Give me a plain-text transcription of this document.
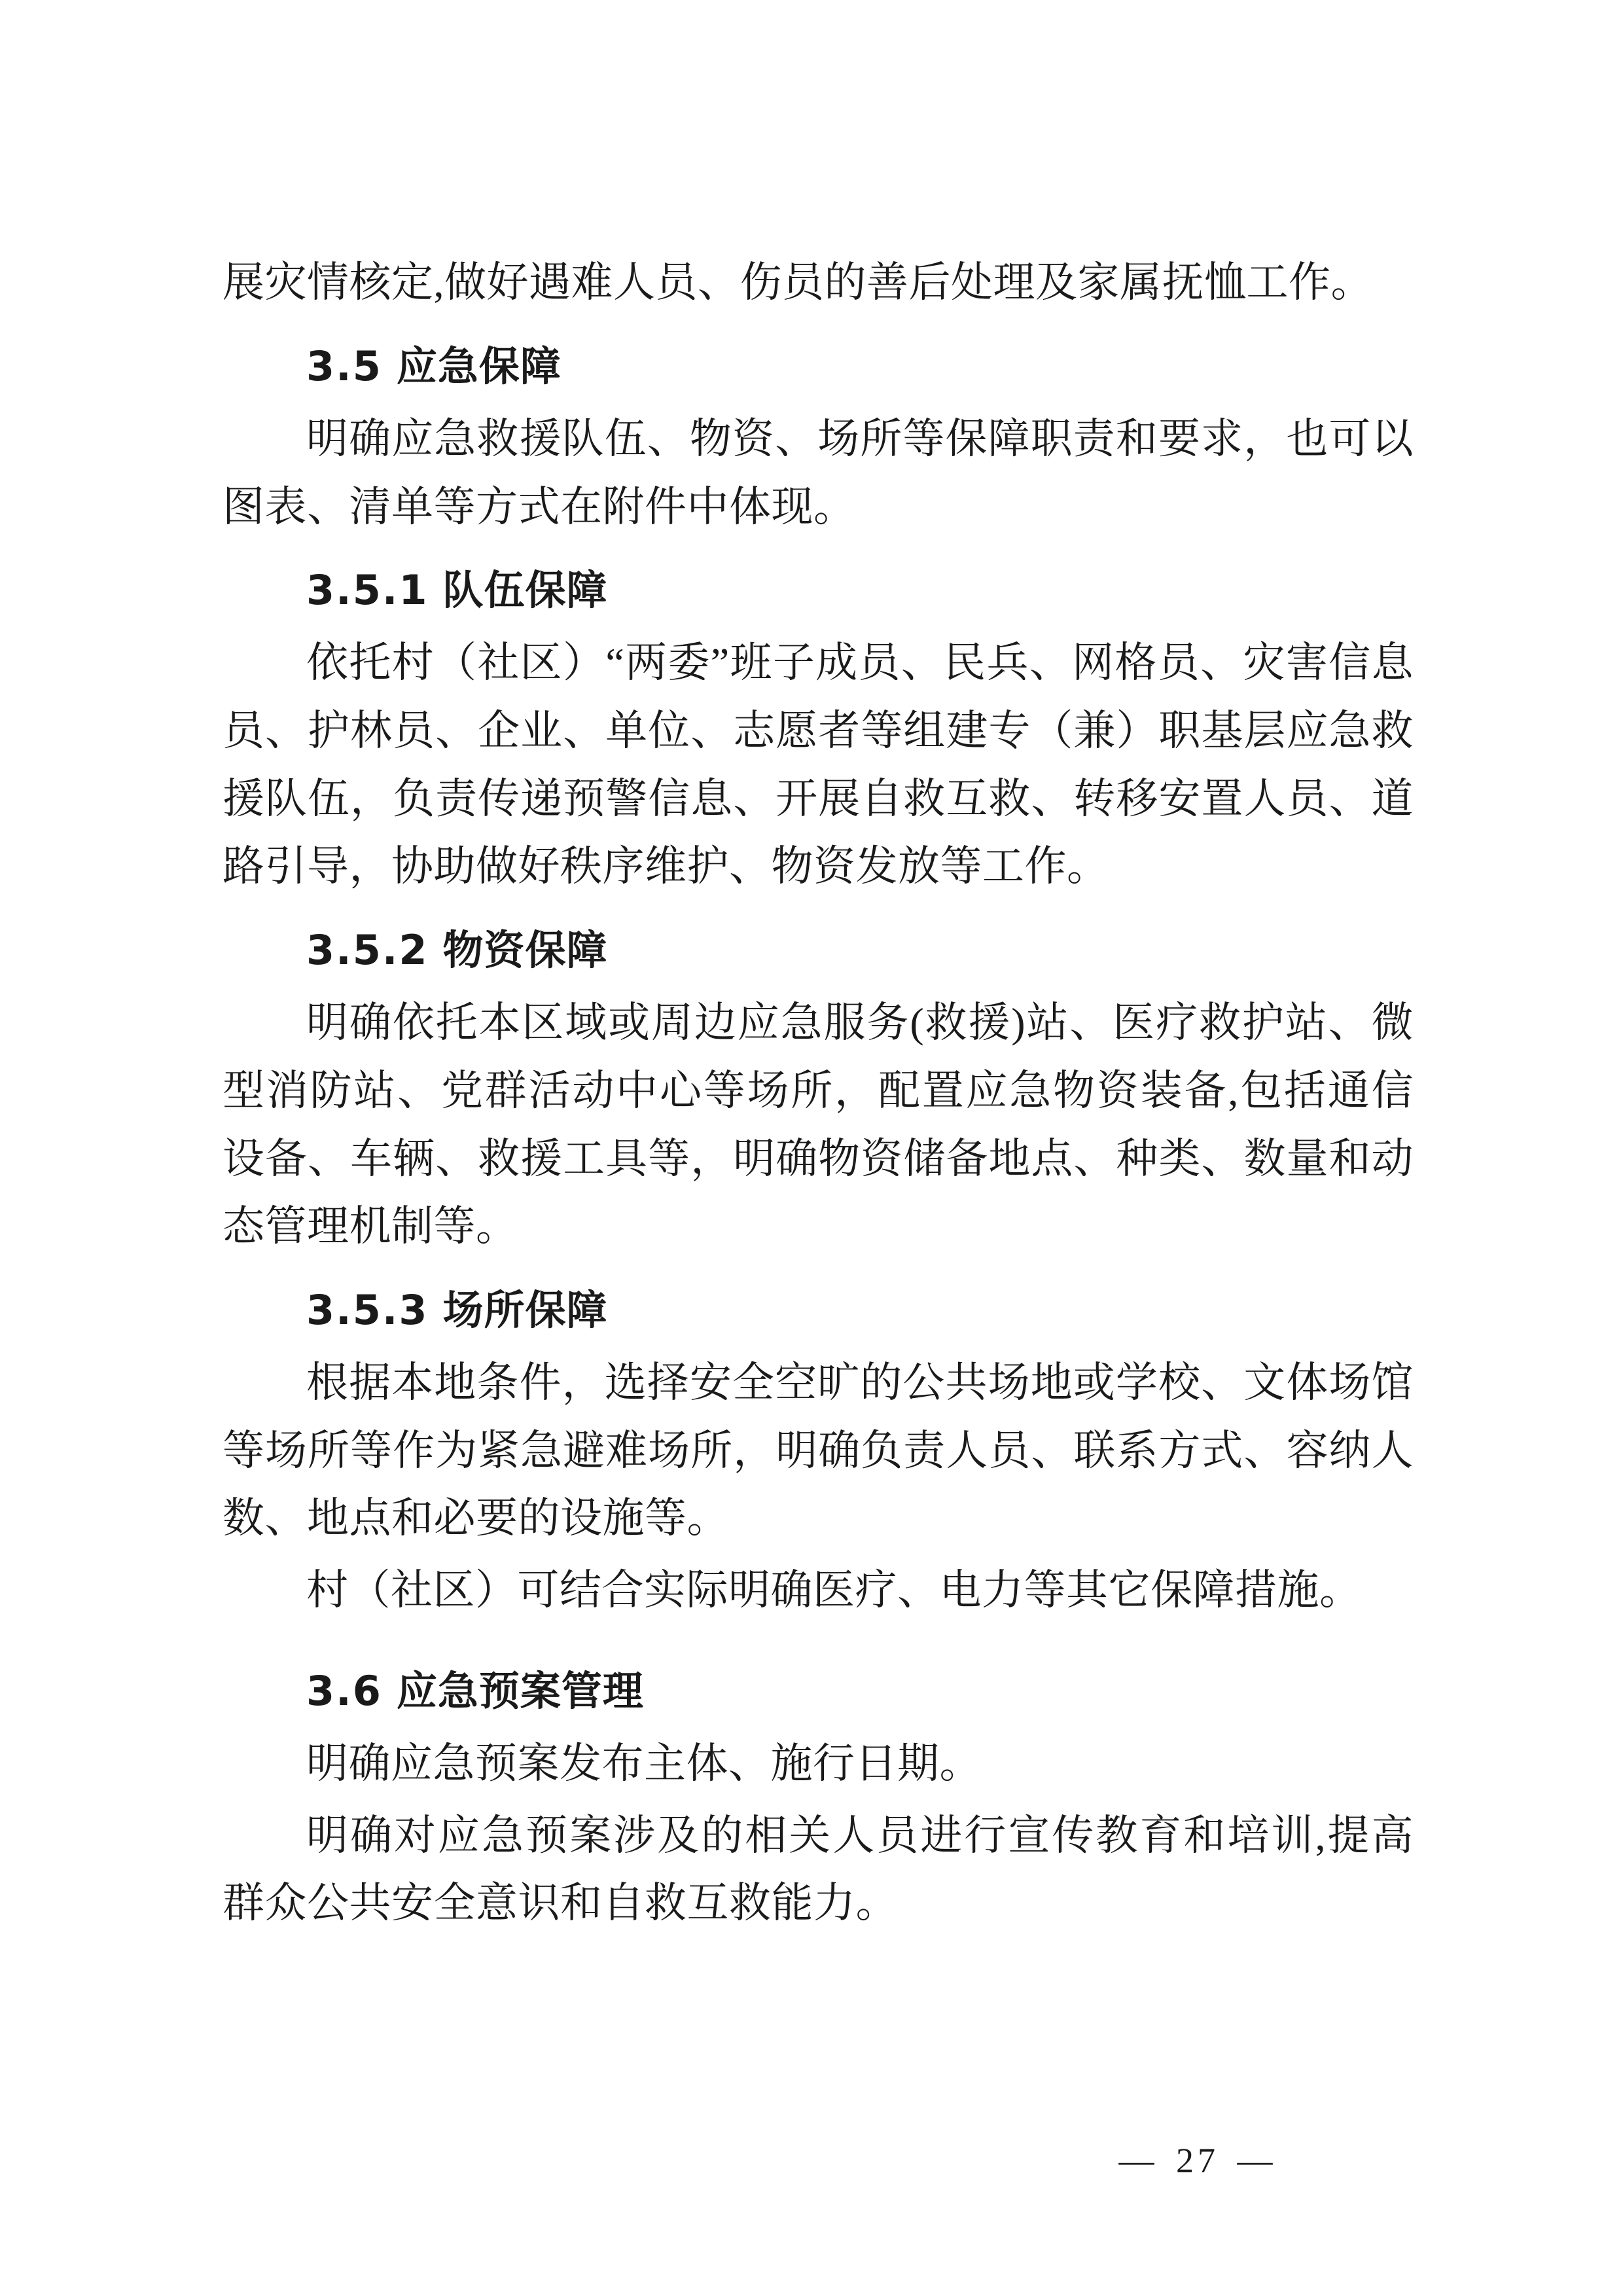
展灾情核定,做好遇难人员、伤员的善后处理及家属抚恤工作。

3.5 应急保障

明确应急救援队伍、物资、场所等保障职责和要求，也可以图表、清单等方式在附件中体现。

3.5.1 队伍保障

依托村（社区）“两委”班子成员、民兵、网格员、灾害信息员、护林员、企业、单位、志愿者等组建专（兼）职基层应急救援队伍，负责传递预警信息、开展自救互救、转移安置人员、道路引导，协助做好秩序维护、物资发放等工作。

3.5.2 物资保障

明确依托本区域或周边应急服务(救援)站、医疗救护站、微型消防站、党群活动中心等场所，配置应急物资装备,包括通信设备、车辆、救援工具等，明确物资储备地点、种类、数量和动态管理机制等。

3.5.3 场所保障

根据本地条件，选择安全空旷的公共场地或学校、文体场馆等场所等作为紧急避难场所，明确负责人员、联系方式、容纳人数、地点和必要的设施等。

村（社区）可结合实际明确医疗、电力等其它保障措施。

3.6 应急预案管理

明确应急预案发布主体、施行日期。

明确对应急预案涉及的相关人员进行宣传教育和培训,提高群众公共安全意识和自救互救能力。

— 27 —
